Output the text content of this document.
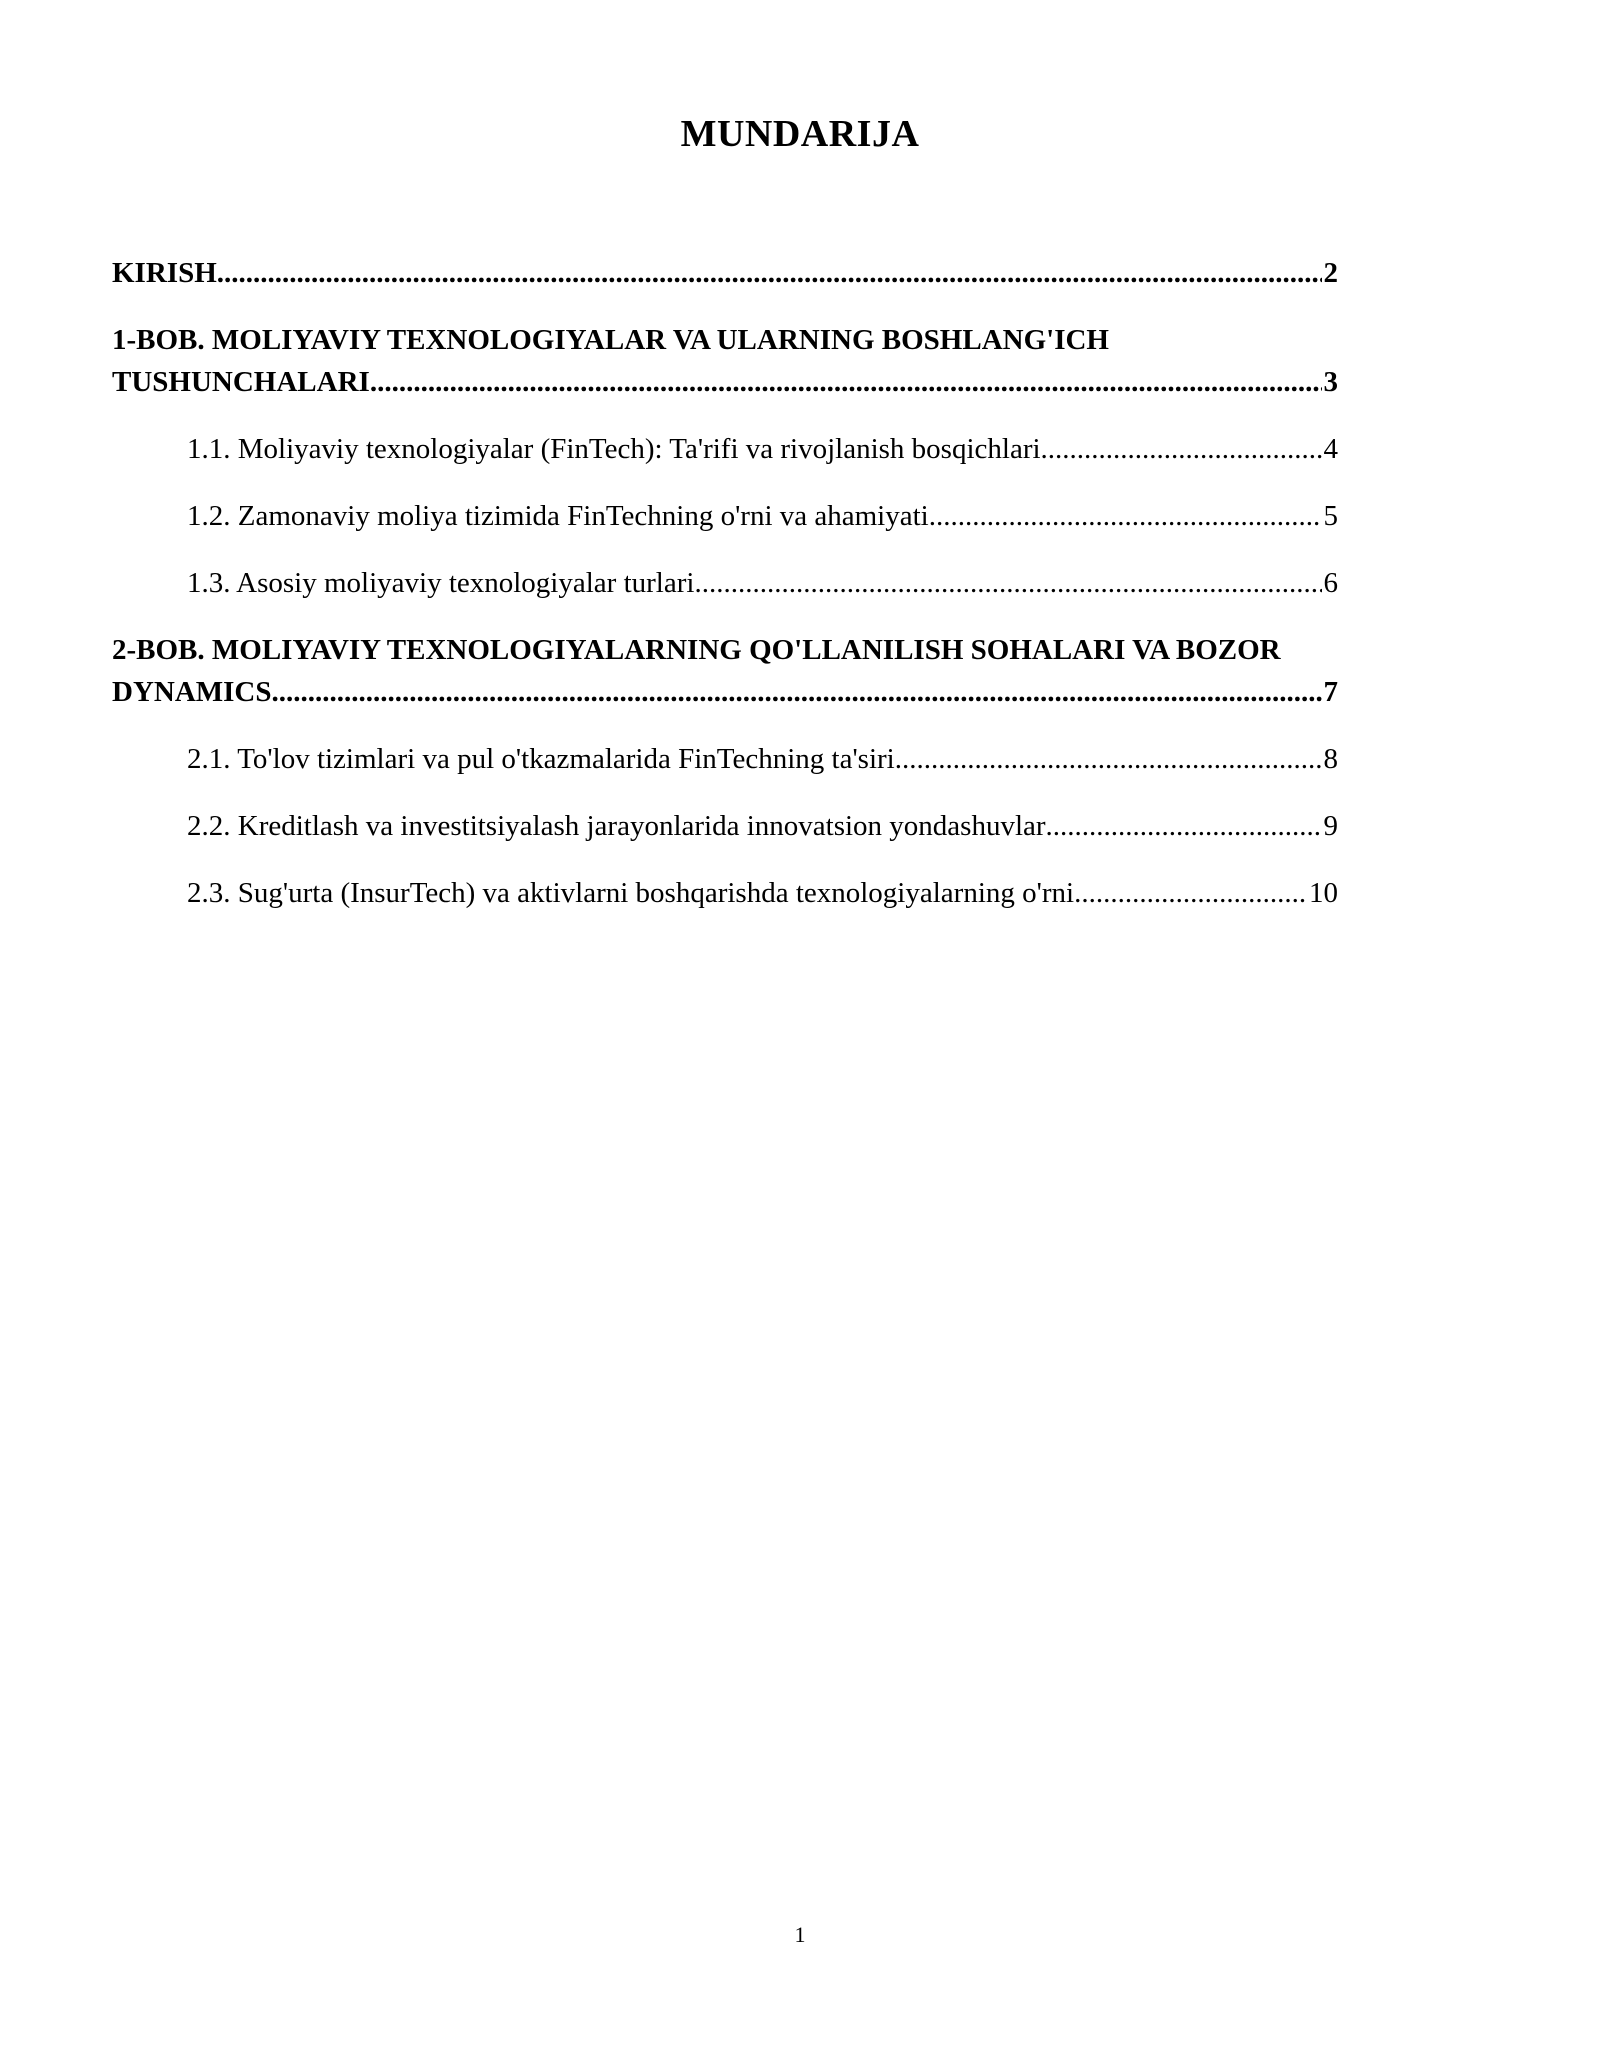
MUNDARIJA
KIRISH .....	2
1-BOB. MOLIYAVIY TEXNOLOGIYALAR VA ULARNING BOSHLANG'ICH
TUSHUNCHALARI .....	3
1.1. Moliyaviy texnologiyalar (FinTech): Ta'rifi va rivojlanish bosqichlari .....	4
1.2. Zamonaviy moliya tizimida FinTechning o'rni va ahamiyati .....	5
1.3. Asosiy moliyaviy texnologiyalar turlari .....	6
2-BOB. MOLIYAVIY TEXNOLOGIYALARNING QO'LLANILISH SOHALARI VA BOZOR
DYNAMICS .....	7
2.1. To'lov tizimlari va pul o'tkazmalarida FinTechning ta'siri .....	8
2.2. Kreditlash va investitsiyalash jarayonlarida innovatsion yondashuvlar .....	9
2.3. Sug'urta (InsurTech) va aktivlarni boshqarishda texnologiyalarning o'rni .....	10
1
